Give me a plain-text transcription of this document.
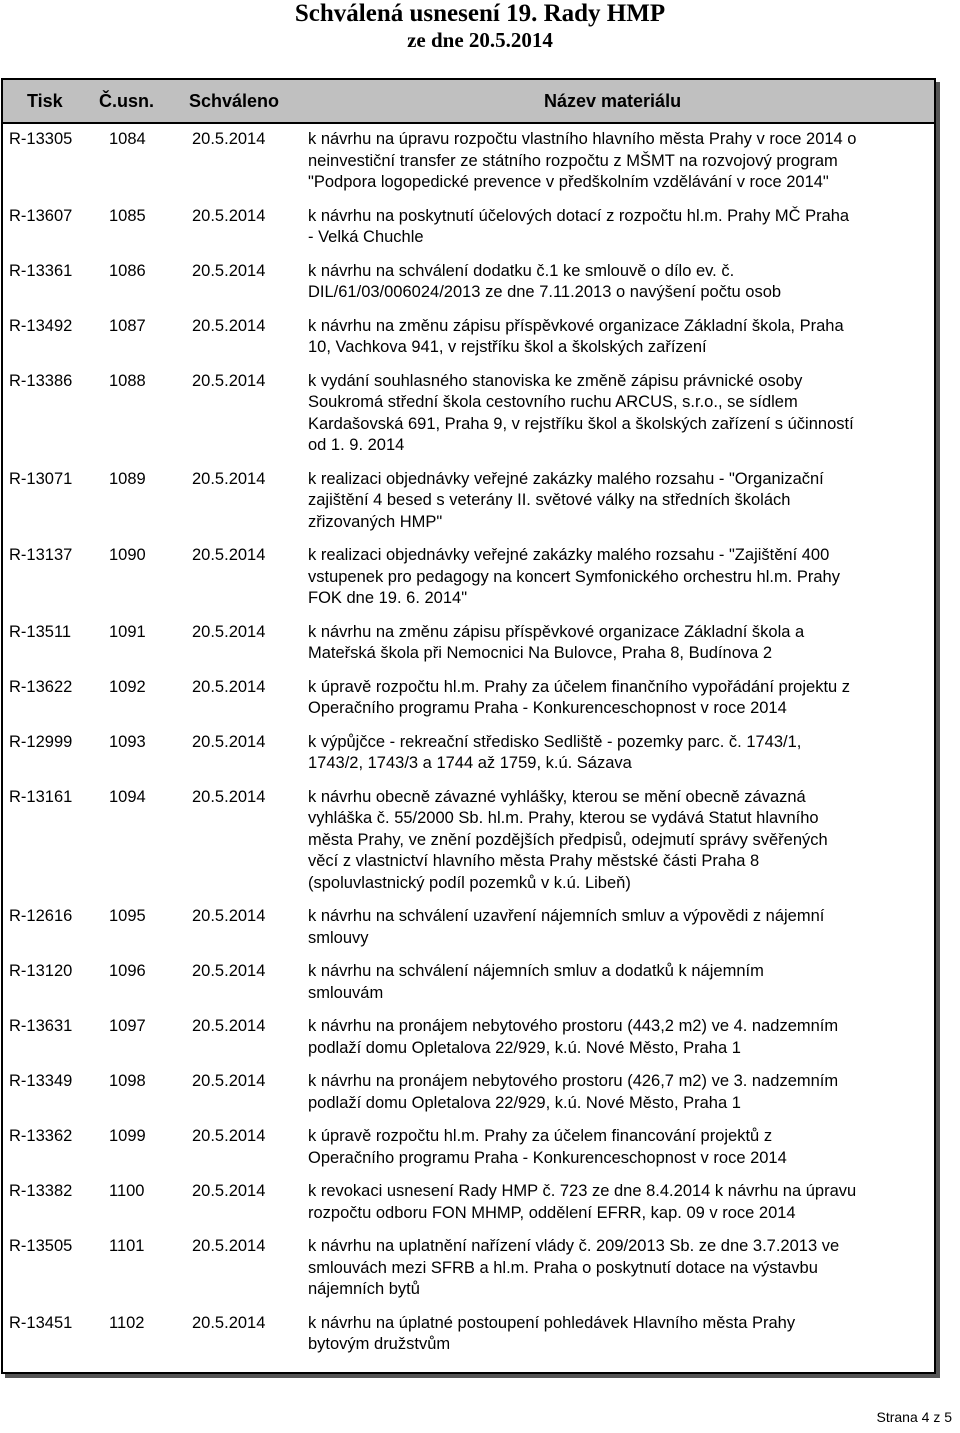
Schválená usnesení 19. Rady HMP
ze dne 20.5.2014
Tisk Č.usn. Schváleno	Název materiálu
R-13305 1084	20.5.2014	k návrhu na úpravu rozpočtu vlastního hlavního města Prahy v roce 2014 o
neinvestiční transfer ze státního rozpočtu z MŠMT na rozvojový program
"Podpora logopedické prevence v předškolním vzdělávání v roce 2014"
R-13607 1085	20.5.2014	k návrhu na poskytnutí účelových dotací z rozpočtu hl.m. Prahy MČ Praha
- Velká Chuchle
R-13361 1086	20.5.2014	k návrhu na schválení dodatku č.1 ke smlouvě o dílo ev. č.
DIL/61/03/006024/2013 ze dne 7.11.2013 o navýšení počtu osob
R-13492 1087	20.5.2014	k návrhu na změnu zápisu příspěvkové organizace Základní škola, Praha
10, Vachkova 941, v rejstříku škol a školských zařízení
R-13386 1088	20.5.2014	k vydání souhlasného stanoviska ke změně zápisu právnické osoby
Soukromá střední škola cestovního ruchu ARCUS, s.r.o., se sídlem
Kardašovská 691, Praha 9, v rejstříku škol a školských zařízení s účinností
od 1. 9. 2014
R-13071 1089	20.5.2014	k realizaci objednávky veřejné zakázky malého rozsahu - "Organizační
zajištění 4 besed s veterány II. světové války na středních školách
zřizovaných HMP"
R-13137 1090	20.5.2014	k realizaci objednávky veřejné zakázky malého rozsahu - "Zajištění 400
vstupenek pro pedagogy na koncert Symfonického orchestru hl.m. Prahy
FOK dne 19. 6. 2014"
R-13511 1091	20.5.2014	k návrhu na změnu zápisu příspěvkové organizace Základní škola a
Mateřská škola při Nemocnici Na Bulovce, Praha 8, Budínova 2
R-13622 1092	20.5.2014	k úpravě rozpočtu hl.m. Prahy za účelem finančního vypořádání projektu z
Operačního programu Praha - Konkurenceschopnost v roce 2014
R-12999 1093	20.5.2014	k výpůjčce - rekreační středisko Sedliště - pozemky parc. č. 1743/1,
1743/2, 1743/3 a 1744 až 1759, k.ú. Sázava
R-13161 1094	20.5.2014	k návrhu obecně závazné vyhlášky, kterou se mění obecně závazná
vyhláška č. 55/2000 Sb. hl.m. Prahy, kterou se vydává Statut hlavního
města Prahy, ve znění pozdějších předpisů, odejmutí správy svěřených
věcí z vlastnictví hlavního města Prahy městské části Praha 8
(spoluvlastnický podíl pozemků v k.ú. Libeň)
R-12616 1095	20.5.2014	k návrhu na schválení uzavření nájemních smluv a výpovědi z nájemní
smlouvy
R-13120 1096	20.5.2014	k návrhu na schválení nájemních smluv a dodatků k nájemním
smlouvám
R-13631 1097	20.5.2014	k návrhu na pronájem nebytového prostoru (443,2 m2) ve 4. nadzemním
podlaží domu Opletalova 22/929, k.ú. Nové Město, Praha 1
R-13349 1098	20.5.2014	k návrhu na pronájem nebytového prostoru (426,7 m2) ve 3. nadzemním
podlaží domu Opletalova 22/929, k.ú. Nové Město, Praha 1
R-13362 1099	20.5.2014	k úpravě rozpočtu hl.m. Prahy za účelem financování projektů z
Operačního programu Praha - Konkurenceschopnost v roce 2014
R-13382 1100	20.5.2014	k revokaci usnesení Rady HMP č. 723 ze dne 8.4.2014 k návrhu na úpravu
rozpočtu odboru FON MHMP, oddělení EFRR, kap. 09 v roce 2014
R-13505 1101	20.5.2014	k návrhu na uplatnění nařízení vlády č. 209/2013 Sb. ze dne 3.7.2013 ve
smlouvách mezi SFRB a hl.m. Praha o poskytnutí dotace na výstavbu
nájemních bytů
R-13451 1102	20.5.2014	k návrhu na úplatné postoupení pohledávek Hlavního města Prahy
bytovým družstvům
Strana 4 z 5
